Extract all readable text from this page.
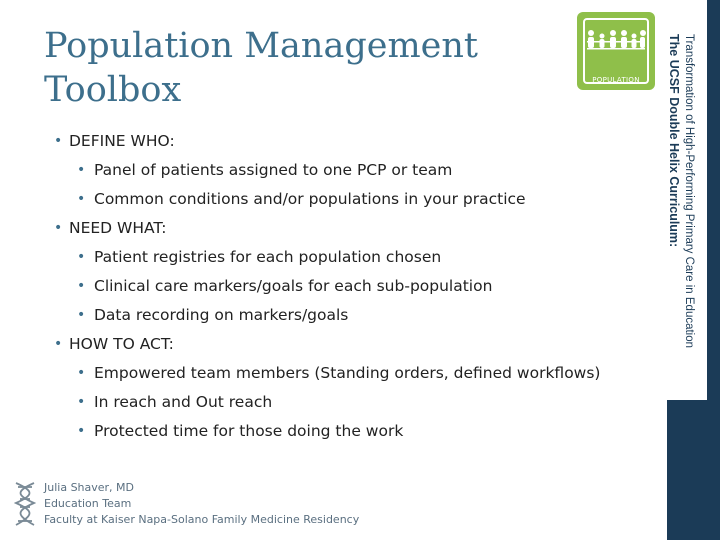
Population Management
Toolbox	POPULATION	Transformation of High-Performing Primary Care in Education
The UCSF Double Helix Curriculum:
• DEFINE WHO:
• Panel of patients assigned to one PCP or team
• Common conditions and/or populations in your practice
• NEED WHAT:
• Patient registries for each population chosen
• Clinical care markers/goals for each sub-population
• Data recording on markers/goals
• HOW TO ACT:
• Empowered team members (Standing orders, defined workflows)
• In reach and Out reach
• Protected time for those doing the work
Julia Shaver, MD
Education Team
Faculty at Kaiser Napa-Solano Family Medicine Residency
